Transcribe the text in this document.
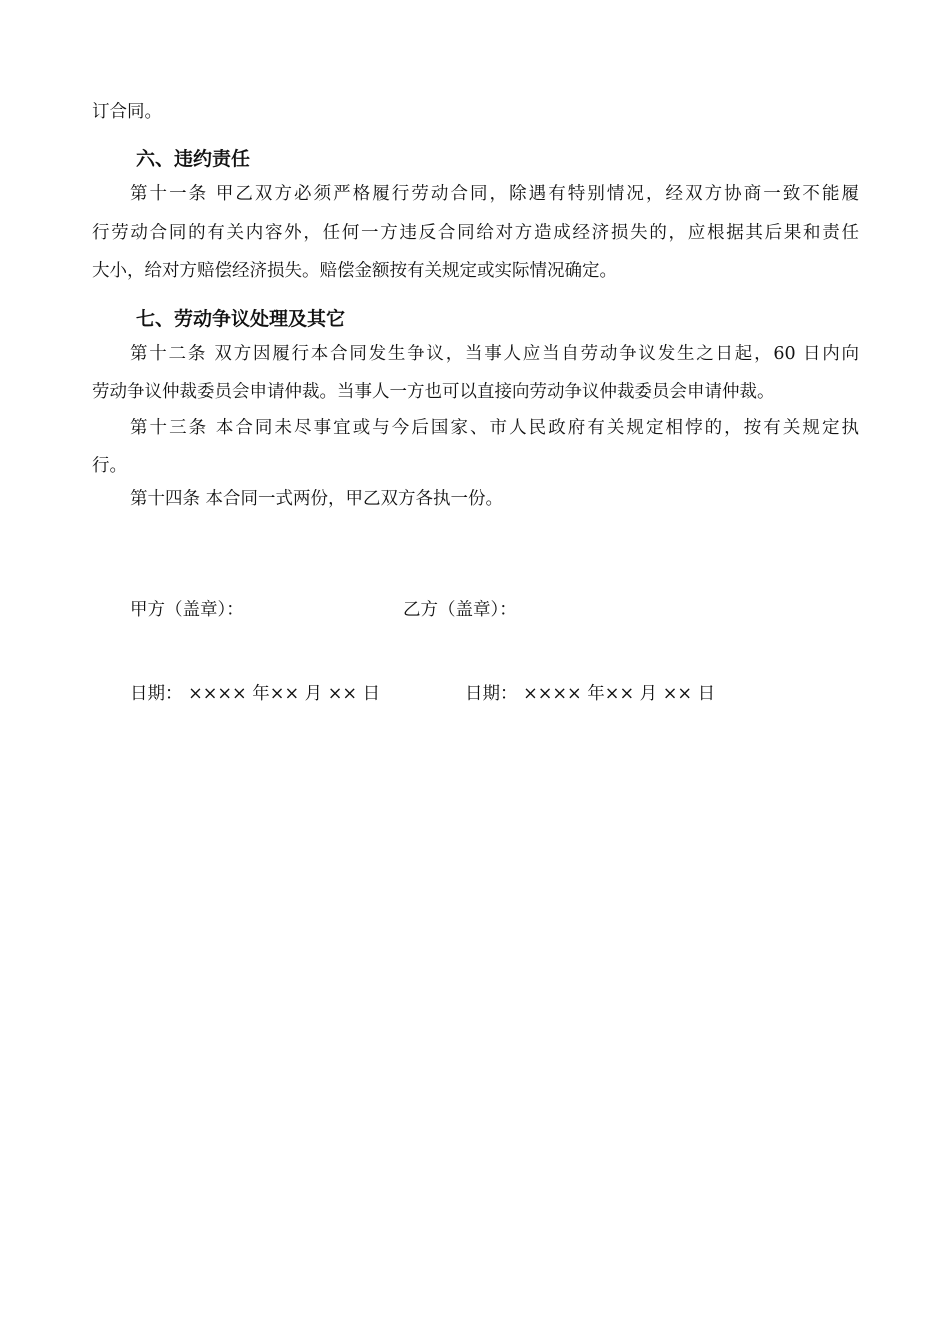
订合同。
六、违约责任
第十一条 甲乙双方必须严格履行劳动合同，除遇有特别情况，经双方协商一致不能履
行劳动合同的有关内容外，任何一方违反合同给对方造成经济损失的，应根据其后果和责任
大小，给对方赔偿经济损失。赔偿金额按有关规定或实际情况确定。
七、劳动争议处理及其它
第十二条 双方因履行本合同发生争议，当事人应当自劳动争议发生之日起，60 日内向
劳动争议仲裁委员会申请仲裁。当事人一方也可以直接向劳动争议仲裁委员会申请仲裁。
第十三条 本合同未尽事宜或与今后国家、市人民政府有关规定相悖的，按有关规定执
行。
第十四条 本合同一式两份，甲乙双方各执一份。
甲方（盖章）：	乙方（盖章）：
日期： ×××× 年×× 月 ×× 日	日期： ×××× 年×× 月 ×× 日
